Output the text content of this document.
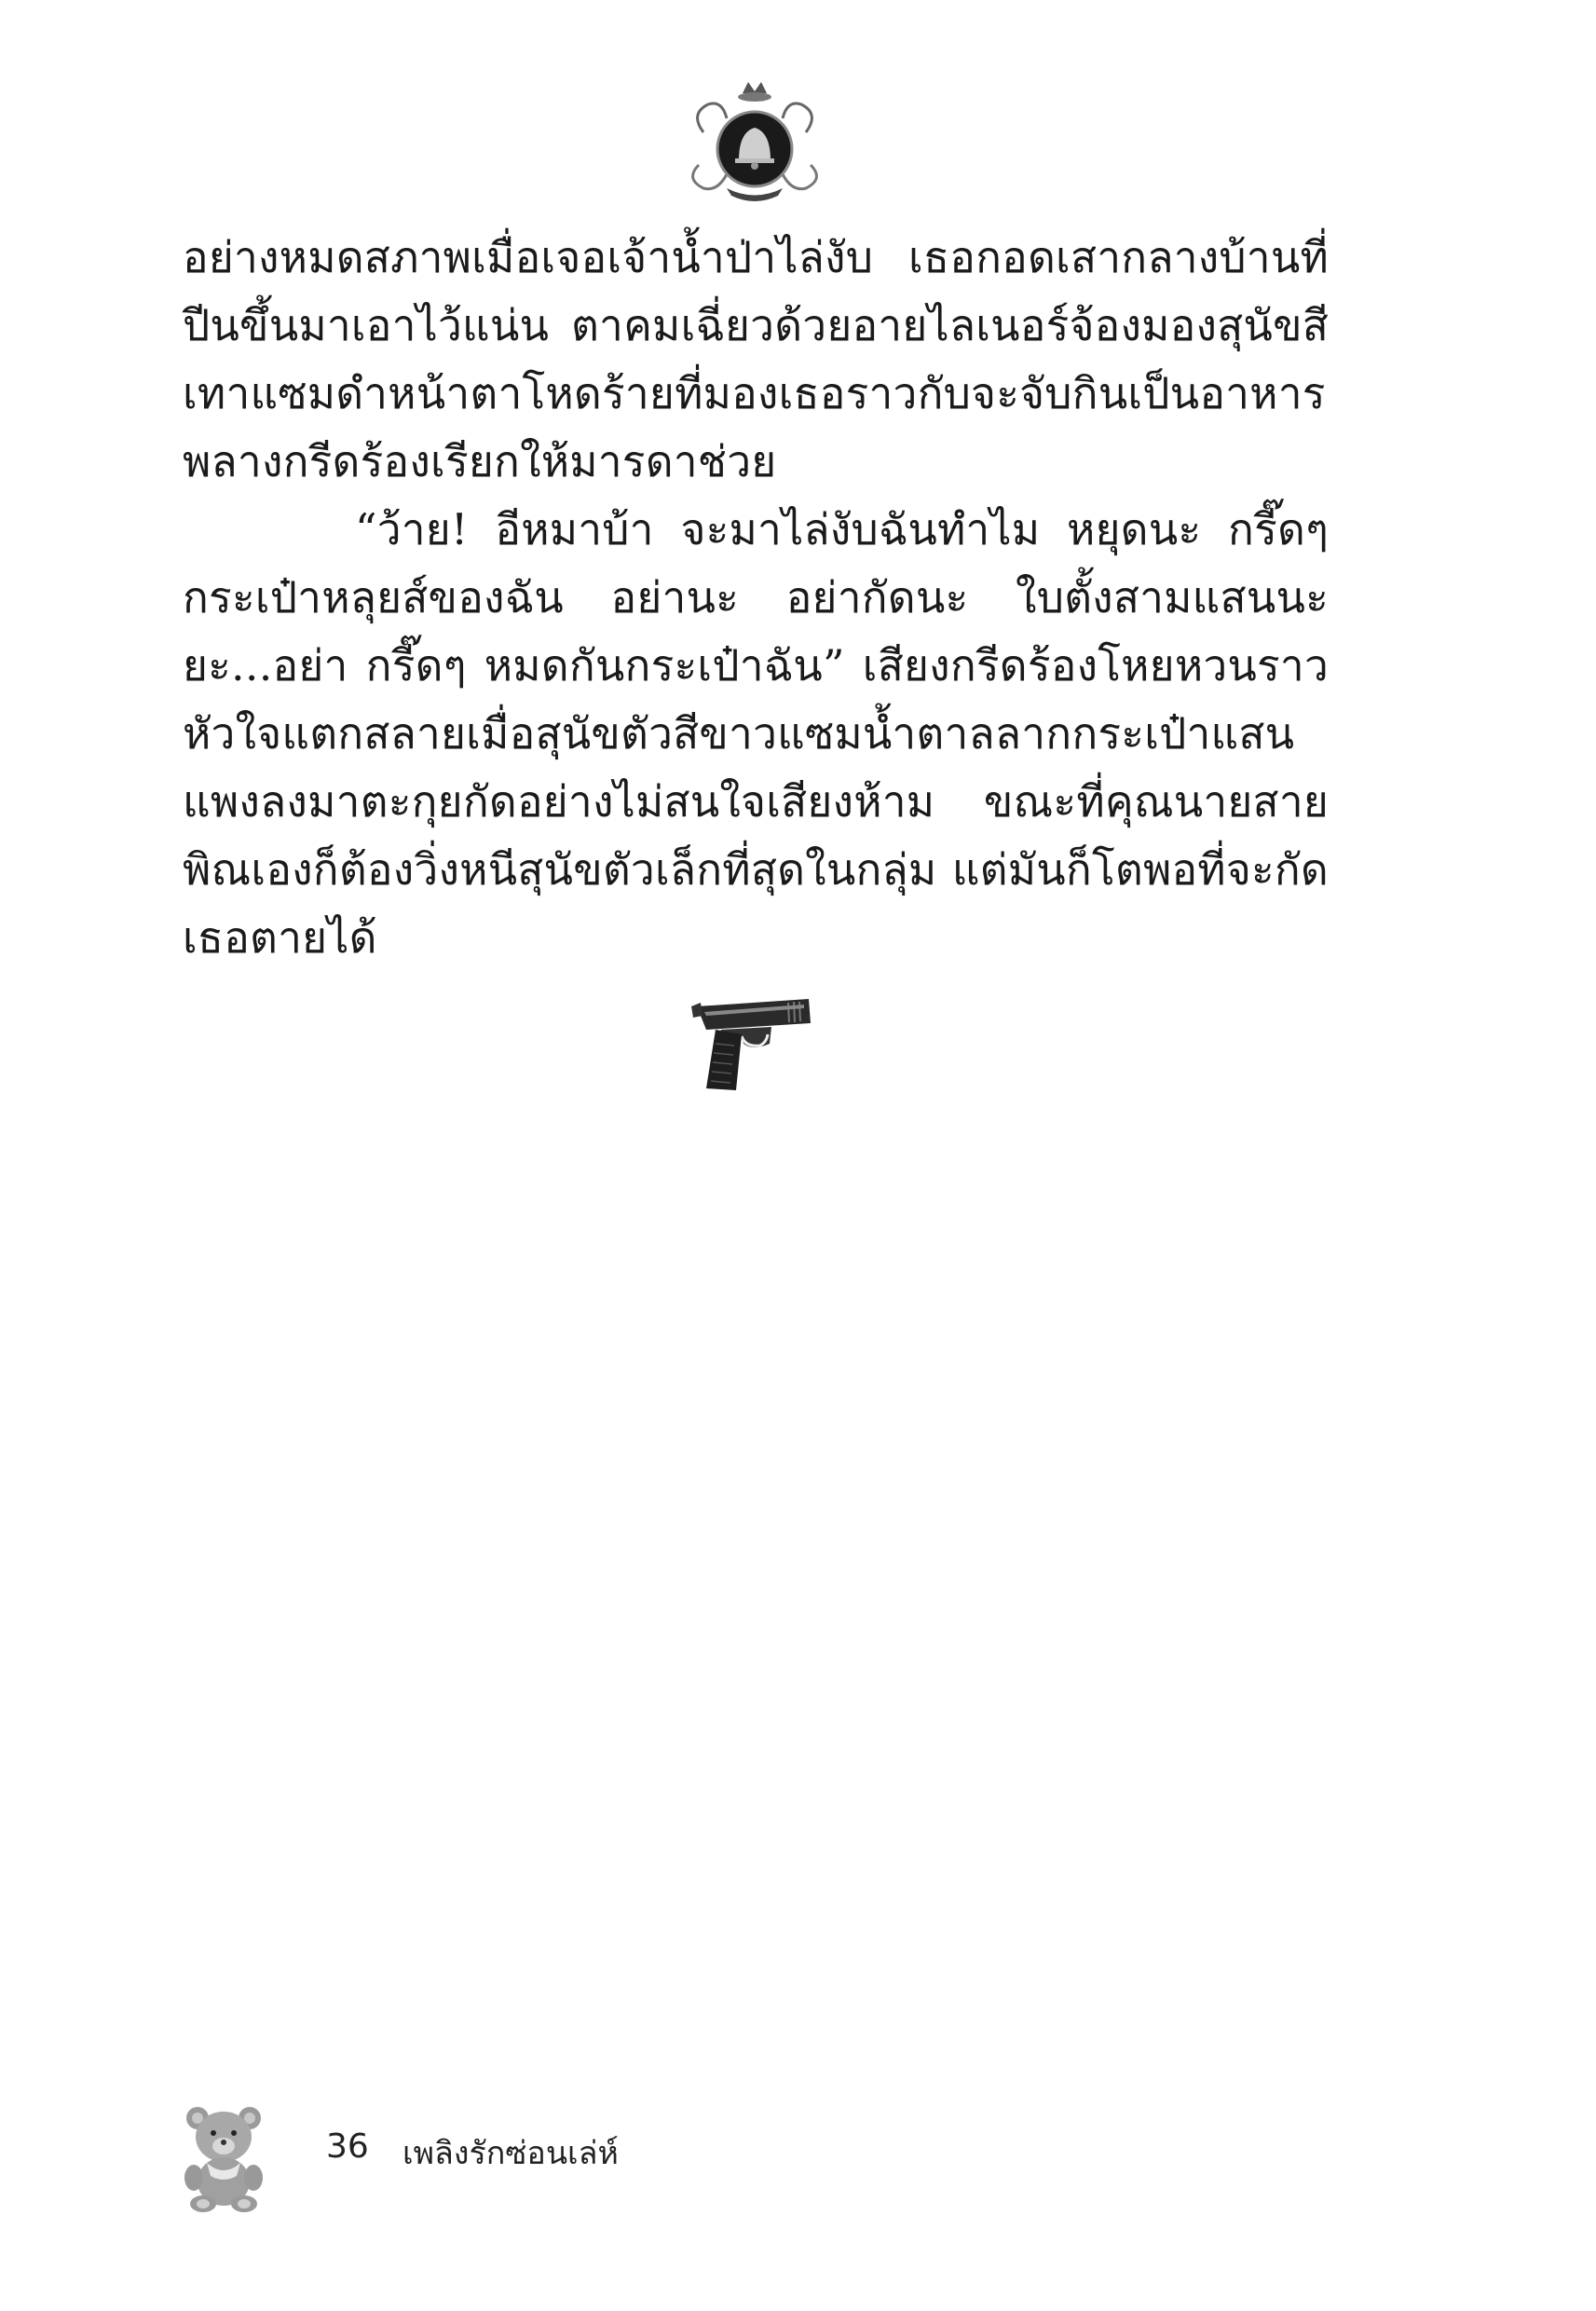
อย่างหมดสภาพเมื่อเจอเจ้าน้ำป่าไล่งับ เธอกอดเสากลางบ้านที่ปีนขึ้นมาเอาไว้แน่น ตาคมเฉี่ยวด้วยอายไลเนอร์จ้องมองสุนัขสีเทาแซมดำหน้าตาโหดร้ายที่มองเธอราวกับจะจับกินเป็นอาหาร พลางกรีดร้องเรียกให้มารดาช่วย

“ว้าย! อีหมาบ้า จะมาไล่งับฉันทำไม หยุดนะ กรี๊ดๆ กระเป๋าหลุยส์ของฉัน อย่านะ อย่ากัดนะ ใบตั้งสามแสนนะยะ...อย่า กรี๊ดๆ หมดกันกระเป๋าฉัน” เสียงกรีดร้องโหยหวนราวหัวใจแตกสลายเมื่อสุนัขตัวสีขาวแซมน้ำตาลลากกระเป๋าแสนแพงลงมาตะกุยกัดอย่างไม่สนใจเสียงห้าม ขณะที่คุณนายสายพิณเองก็ต้องวิ่งหนีสุนัขตัวเล็กที่สุดในกลุ่ม แต่มันก็โตพอที่จะกัดเธอตายได้

36 เพลิงรักซ่อนเล่ห์
